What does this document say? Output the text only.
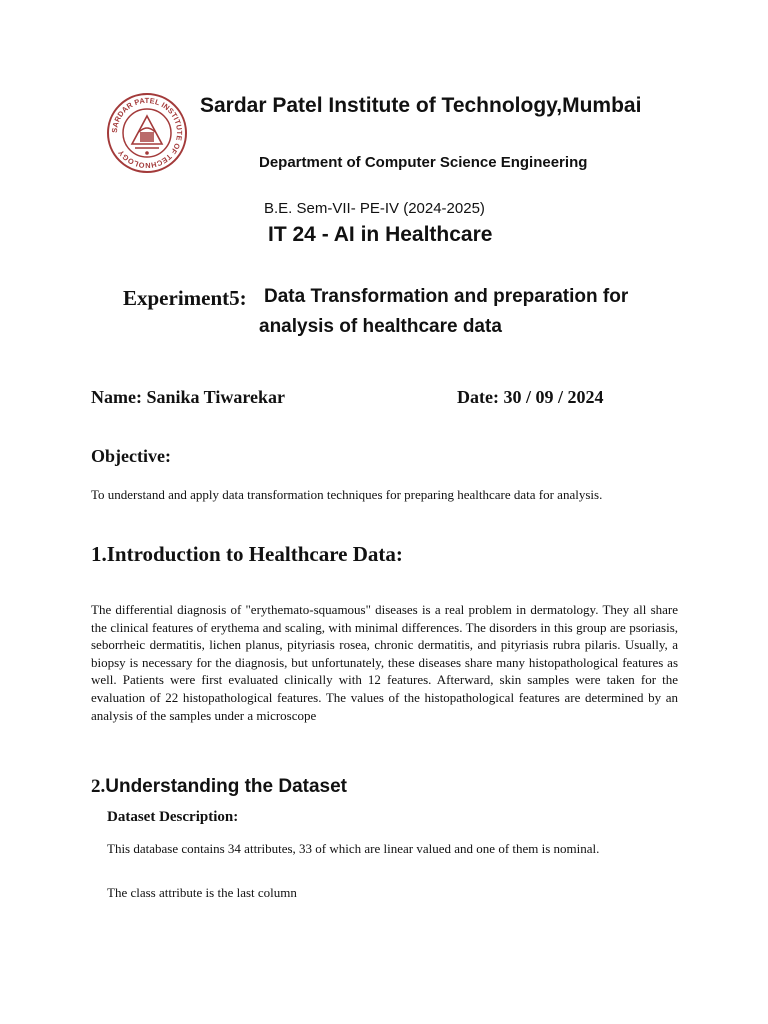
SARDAR PATEL INSTITUTE OF TECHNOLOGY
Sardar Patel Institute of Technology,Mumbai
Department of Computer Science Engineering
B.E. Sem-VII- PE-IV (2024-2025)
IT 24 - AI in Healthcare
Experiment5: Data Transformation and preparation for
analysis of healthcare data
Name: Sanika Tiwarekar	Date: 30 / 09 / 2024
Objective:
To understand and apply data transformation techniques for preparing healthcare data for analysis.
1.Introduction to Healthcare Data:
The differential diagnosis of "erythemato-squamous" diseases is a real problem in dermatology. They all share the clinical features of erythema and scaling, with minimal differences. The disorders in this group are psoriasis, seborrheic dermatitis, lichen planus, pityriasis rosea, chronic dermatitis, and pityriasis rubra pilaris. Usually, a biopsy is necessary for the diagnosis, but unfortunately, these diseases share many histopathological features as well. Patients were first evaluated clinically with 12 features. Afterward, skin samples were taken for the evaluation of 22 histopathological features. The values of the histopathological features are determined by an analysis of the samples under a microscope
2.Understanding the Dataset
Dataset Description:
This database contains 34 attributes, 33 of which are linear valued and one of them is nominal.
The class attribute is the last column
